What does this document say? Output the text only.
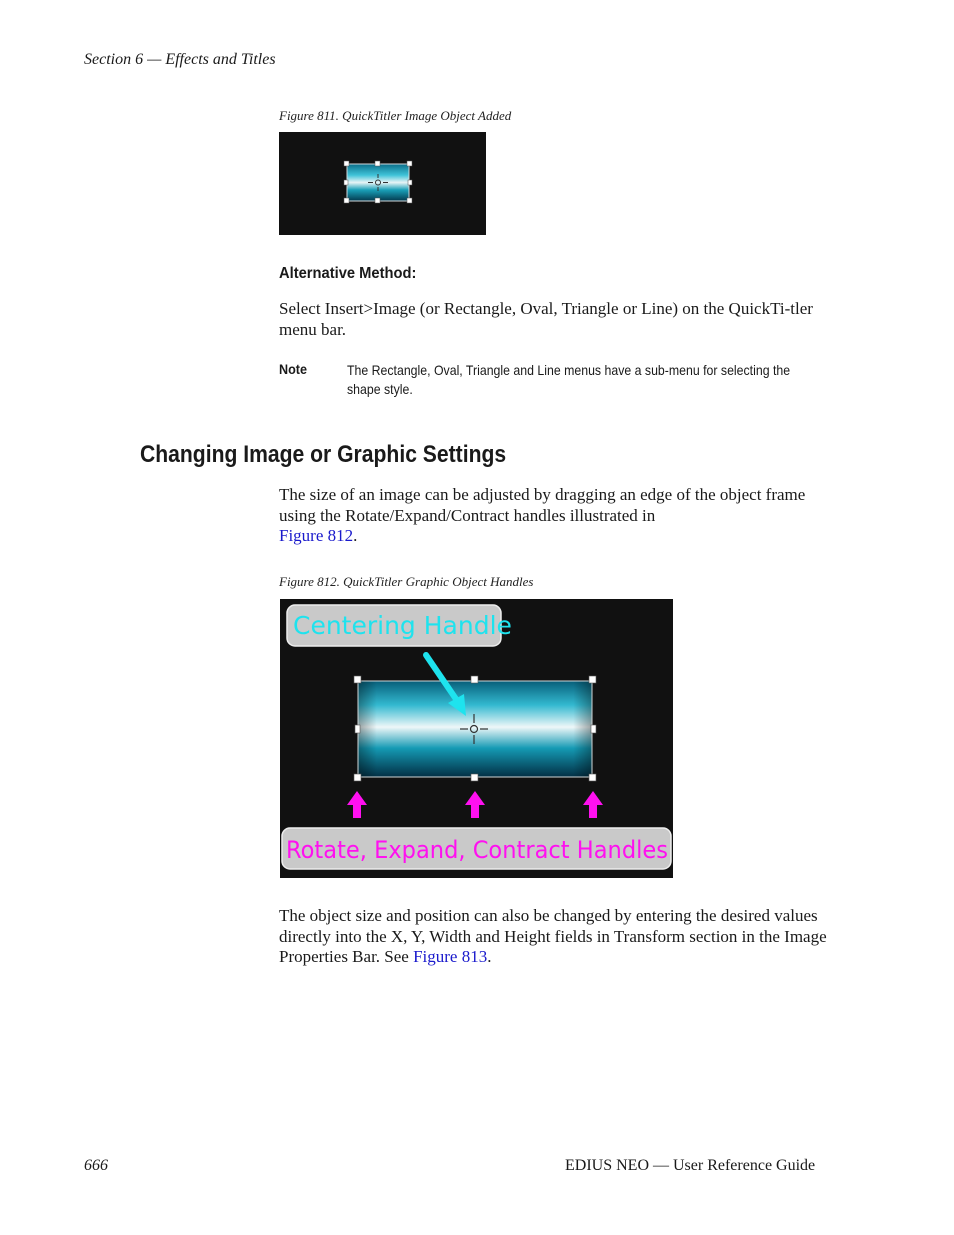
Section 6 — Effects and Titles
Figure 811. QuickTitler Image Object Added
Alternative Method:
Select Insert>Image (or Rectangle, Oval, Triangle or Line) on the QuickTi-tler menu bar.
Note	The Rectangle, Oval, Triangle and Line menus have a sub-menu for selecting the shape style.
Changing Image or Graphic Settings
The size of an image can be adjusted by dragging an edge of the object frame using the Rotate/Expand/Contract handles illustrated in
Figure 812.
Figure 812. QuickTitler Graphic Object Handles
Centering Handle
Rotate, Expand, Contract Handles
The object size and position can also be changed by entering the desired values directly into the X, Y, Width and Height fields in Transform section in the Image Properties Bar. See Figure 813.
666	EDIUS NEO — User Reference Guide
